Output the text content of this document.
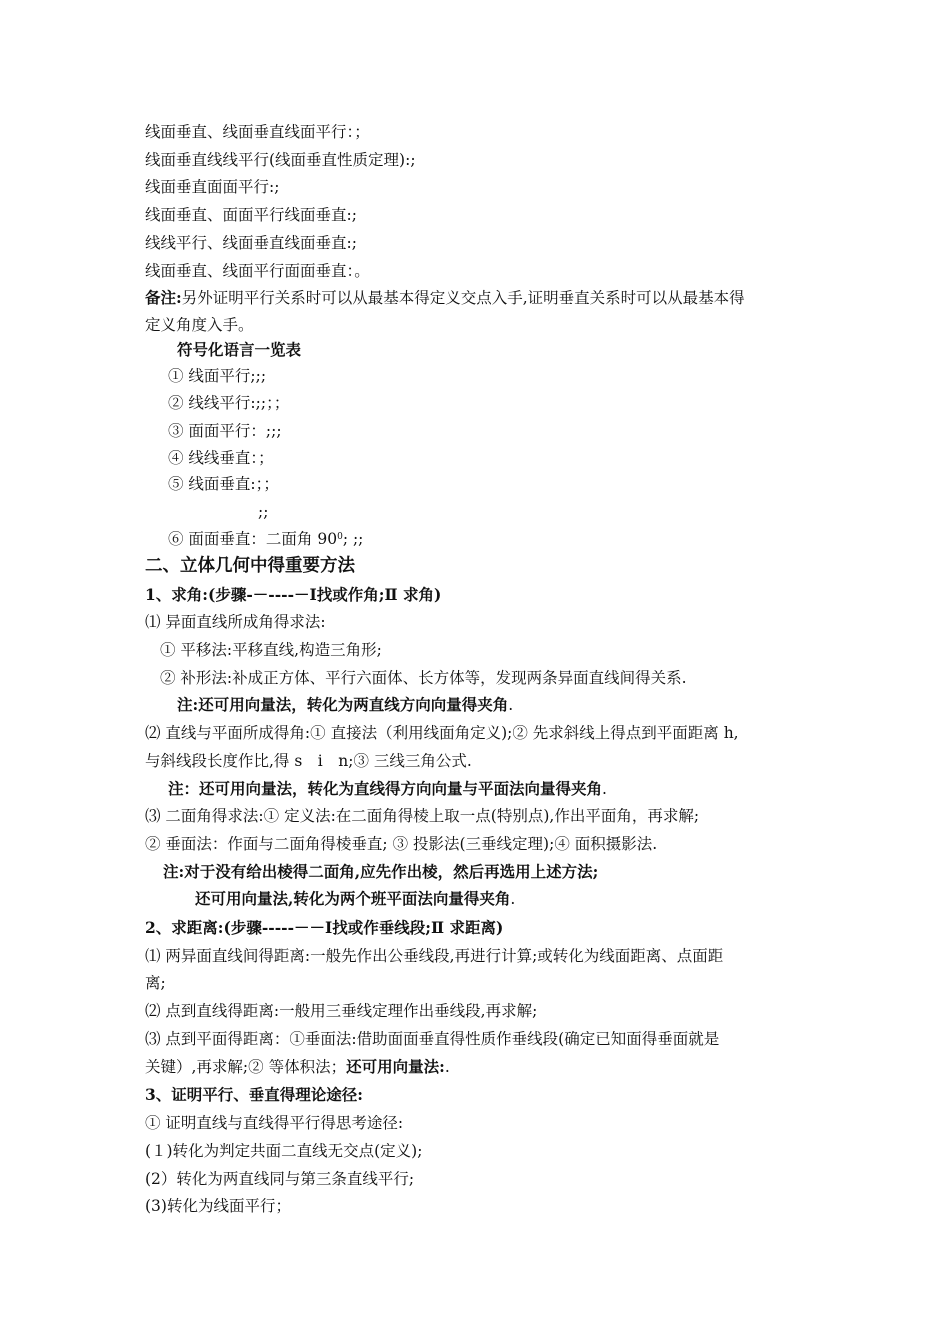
线面垂直、线面垂直线面平行：；
线面垂直线线平行(线面垂直性质定理):;
线面垂直面面平行:;
线面垂直、面面平行线面垂直:;
线线平行、线面垂直线面垂直:;
线面垂直、线面平行面面垂直：。
备注:另外证明平行关系时可以从最基本得定义交点入手,证明垂直关系时可以从最基本得
定义角度入手。
符号化语言一览表
① 线面平行;;;
② 线线平行:;;；；
③ 面面平行：;;;
④ 线线垂直：；
⑤ 线面垂直:；；
;;
⑥ 面面垂直：二面角 $90^0$; ;;
二、立体几何中得重要方法
1、求角:(步骤-－----－Ⅰ找或作角;Ⅱ 求角)
⑴ 异面直线所成角得求法:
① 平移法:平移直线,构造三角形;
② 补形法:补成正方体、平行六面体、长方体等，发现两条异面直线间得关系.
注:还可用向量法，转化为两直线方向向量得夹角.
⑵ 直线与平面所成得角:① 直接法（利用线面角定义);② 先求斜线上得点到平面距离 h,
与斜线段长度作比,得 s　i　n;③ 三线三角公式.
注：还可用向量法，转化为直线得方向向量与平面法向量得夹角.
⑶ 二面角得求法:① 定义法:在二面角得棱上取一点(特别点),作出平面角，再求解;
② 垂面法：作面与二面角得棱垂直; ③ 投影法(三垂线定理);④ 面积摄影法.
注:对于没有给出棱得二面角,应先作出棱，然后再选用上述方法;
还可用向量法,转化为两个班平面法向量得夹角.
2、求距离:(步骤-----－－Ⅰ找或作垂线段;Ⅱ 求距离)
⑴ 两异面直线间得距离:一般先作出公垂线段,再进行计算;或转化为线面距离、点面距
离;
⑵ 点到直线得距离:一般用三垂线定理作出垂线段,再求解;
⑶ 点到平面得距离：①垂面法:借助面面垂直得性质作垂线段(确定已知面得垂面就是
关键）,再求解;② 等体积法；还可用向量法:.
3、证明平行、垂直得理论途径:
① 证明直线与直线得平行得思考途径:
(１)转化为判定共面二直线无交点(定义);
(2）转化为两直线同与第三条直线平行;
(3)转化为线面平行；
